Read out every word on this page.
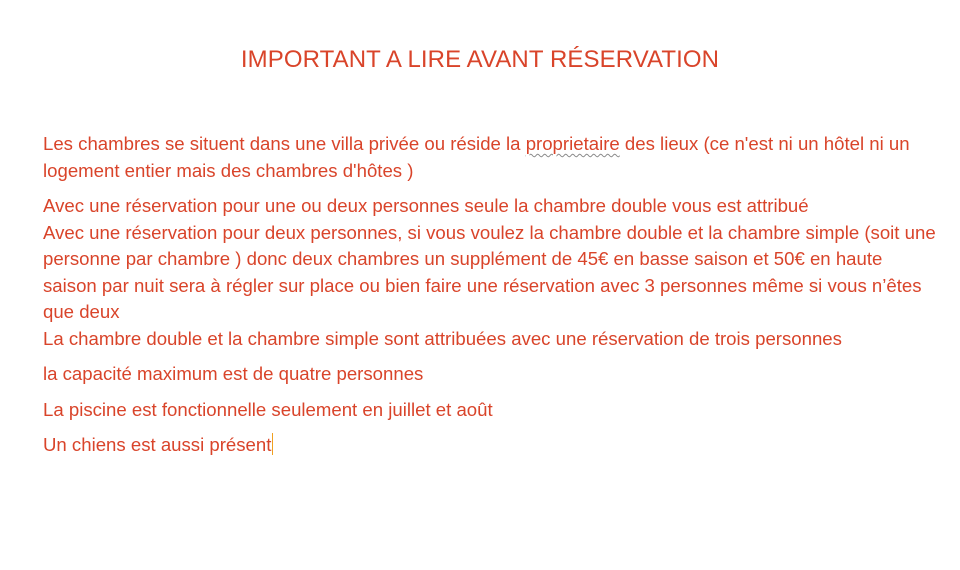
IMPORTANT A LIRE AVANT RÉSERVATION

Les chambres se situent dans une villa privée ou réside la proprietaire des lieux (ce n'est ni un hôtel ni un logement entier mais des chambres d'hôtes )

Avec une réservation pour une ou deux personnes seule la chambre double vous est attribué

Avec une réservation pour deux personnes, si vous voulez la chambre double et la chambre simple (soit une personne par chambre ) donc deux chambres un supplément de 45€ en basse saison et 50€ en haute saison par nuit sera à régler sur place ou bien faire une réservation avec 3 personnes même si vous n’êtes que deux

La chambre double et la chambre simple sont attribuées avec une réservation de trois personnes

la capacité maximum est de quatre personnes

La piscine est fonctionnelle seulement en juillet et août

Un chiens est aussi présent
